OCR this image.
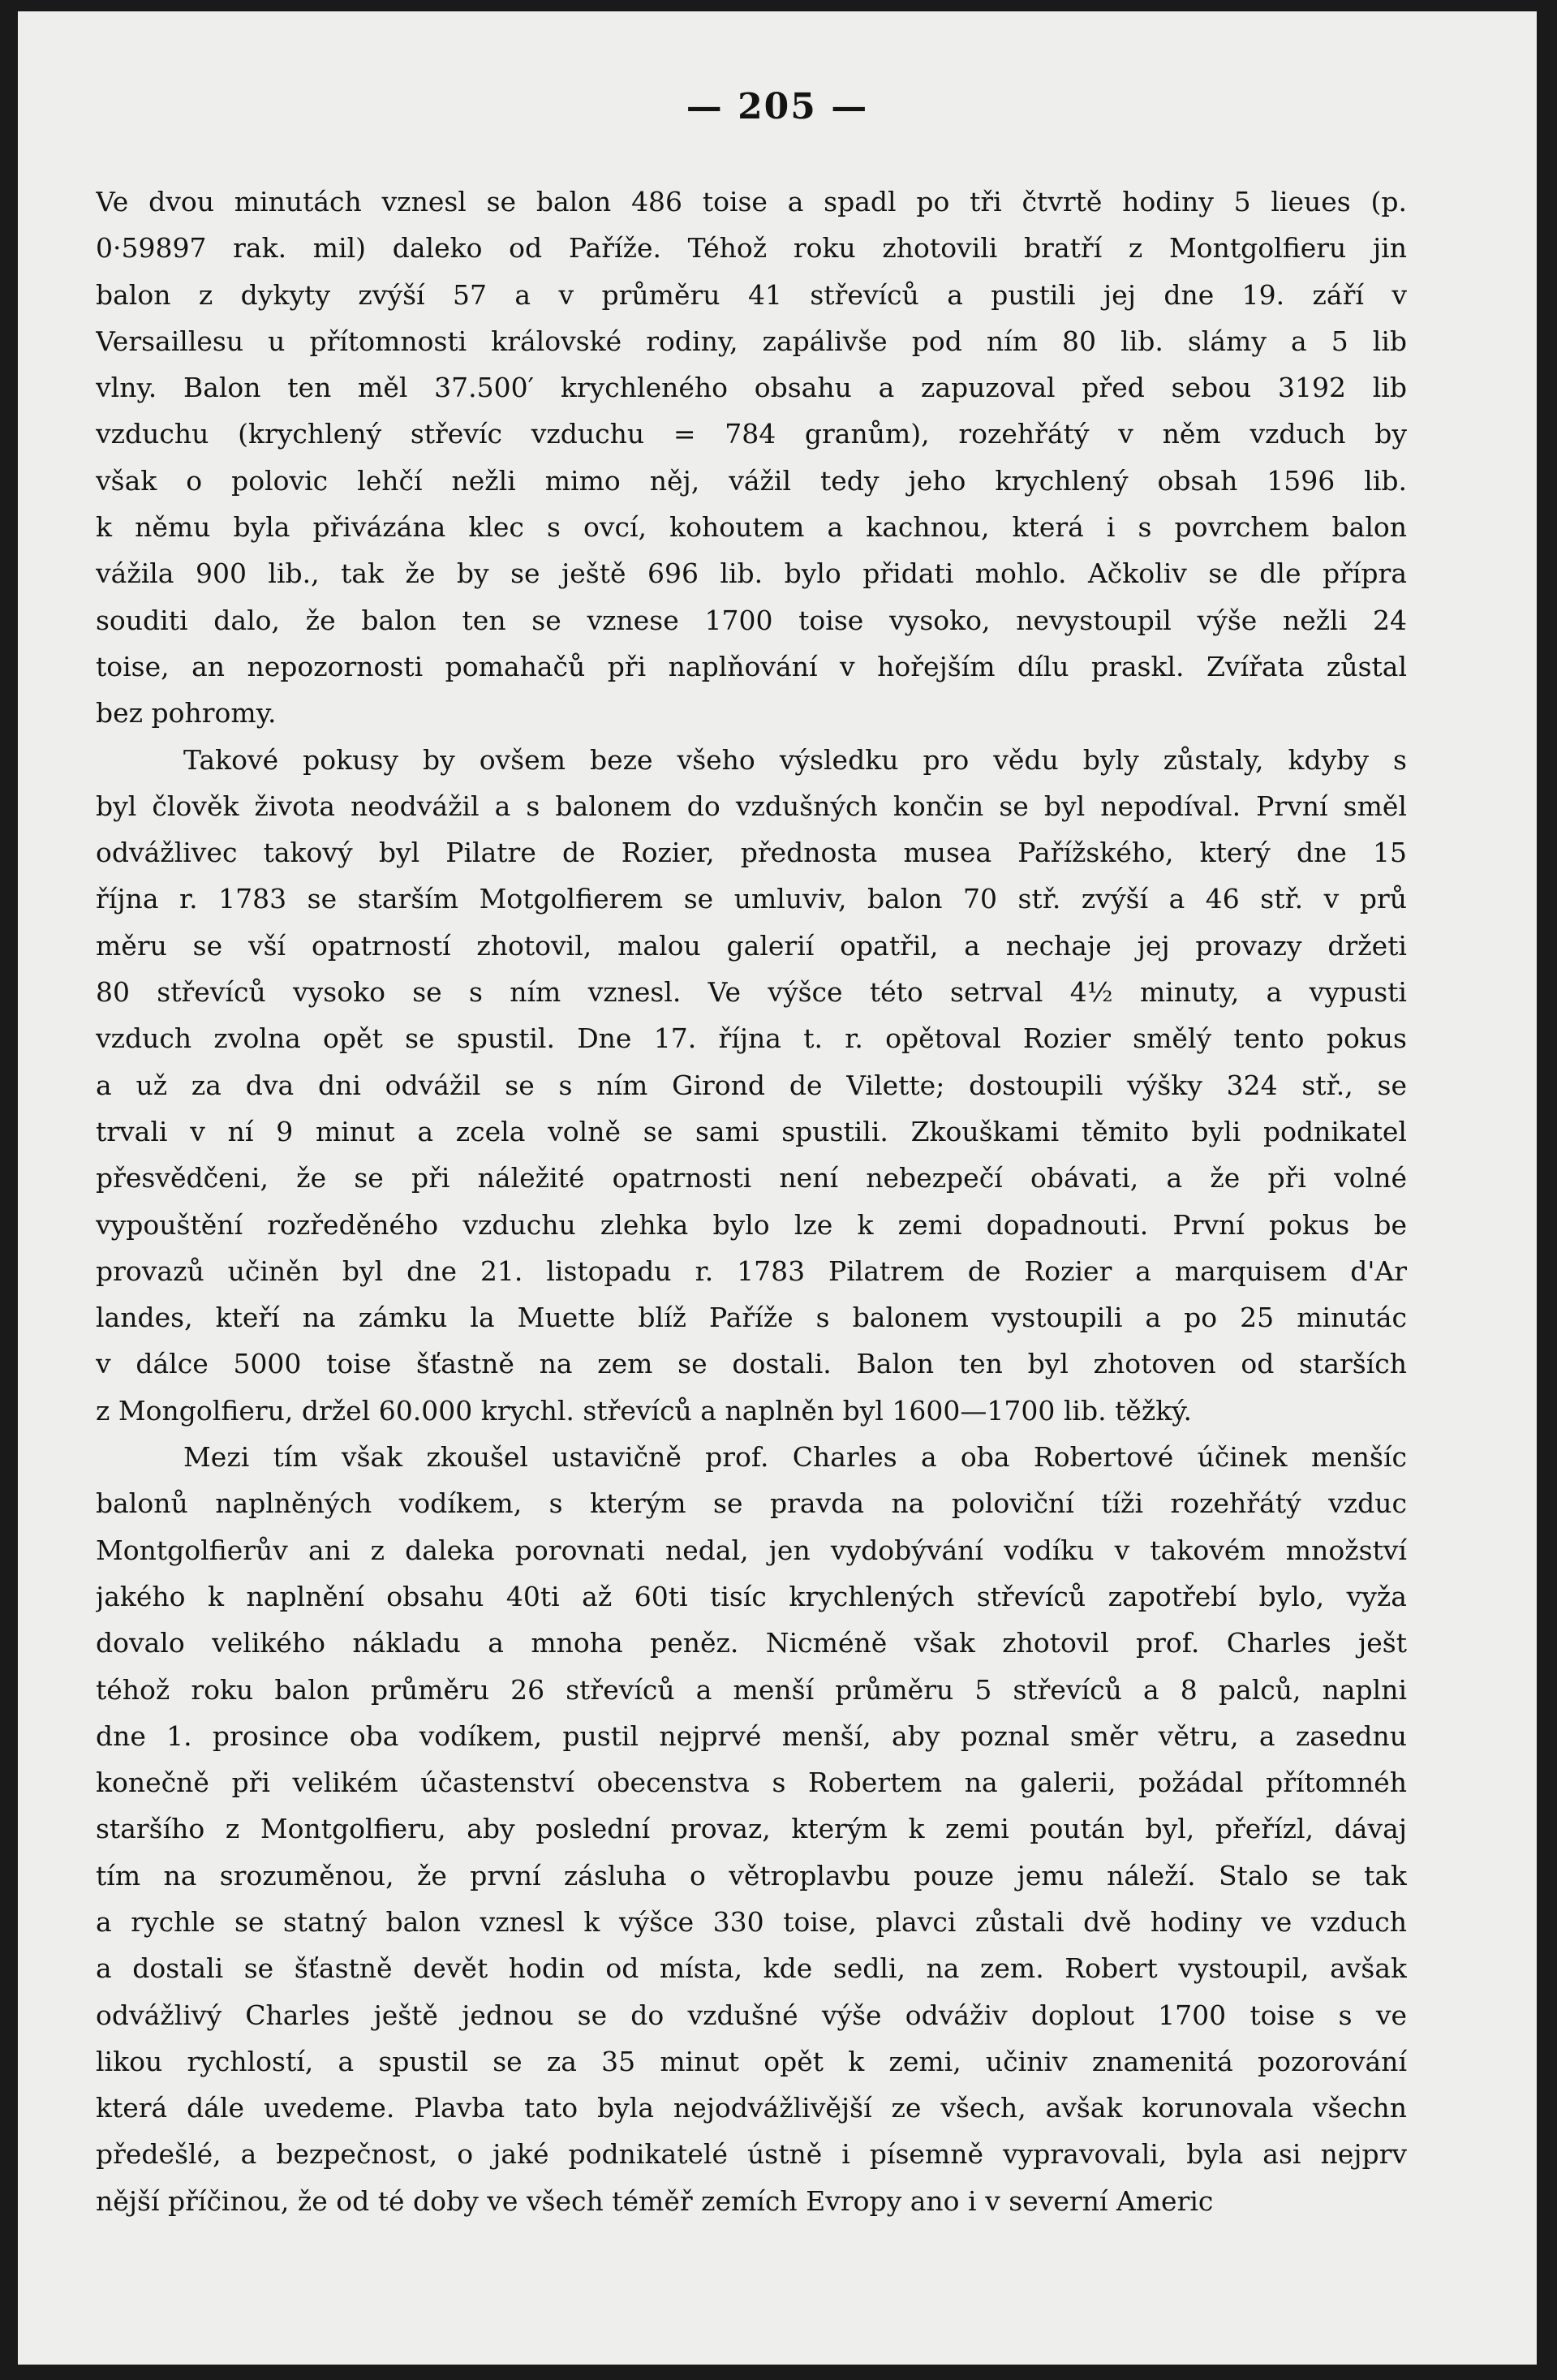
— 205 —
Ve dvou minutách vznesl se balon 486 toise a spadl po tři čtvrtě hodiny 5 lieues (p.
0·59897 rak. mil) daleko od Paříže. Téhož roku zhotovili bratří z Montgolfieru jin
balon z dykyty zvýší 57 a v průměru 41 střevíců a pustili jej dne 19. září v
Versaillesu u přítomnosti královské rodiny, zapálivše pod ním 80 lib. slámy a 5 lib
vlny. Balon ten měl 37.500′ krychleného obsahu a zapuzoval před sebou 3192 lib
vzduchu (krychlený střevíc vzduchu = 784 granům), rozehřátý v něm vzduch by
však o polovic lehčí nežli mimo něj, vážil tedy jeho krychlený obsah 1596 lib.
k němu byla přivázána klec s ovcí, kohoutem a kachnou, která i s povrchem balon
vážila 900 lib., tak že by se ještě 696 lib. bylo přidati mohlo. Ačkoliv se dle přípra
souditi dalo, že balon ten se vznese 1700 toise vysoko, nevystoupil výše nežli 24
toise, an nepozornosti pomahačů při naplňování v hořejším dílu praskl. Zvířata zůstal
bez pohromy.
Takové pokusy by ovšem beze všeho výsledku pro vědu byly zůstaly, kdyby s
byl člověk života neodvážil a s balonem do vzdušných končin se byl nepodíval. První směl
odvážlivec takový byl Pilatre de Rozier, přednosta musea Pařížského, který dne 15
října r. 1783 se starším Motgolfierem se umluviv, balon 70 stř. zvýší a 46 stř. v prů
měru se vší opatrností zhotovil, malou galerií opatřil, a nechaje jej provazy držeti
80 střevíců vysoko se s ním vznesl. Ve výšce této setrval 4½ minuty, a vypusti
vzduch zvolna opět se spustil. Dne 17. října t. r. opětoval Rozier smělý tento pokus
a už za dva dni odvážil se s ním Girond de Vilette; dostoupili výšky 324 stř., se
trvali v ní 9 minut a zcela volně se sami spustili. Zkouškami těmito byli podnikatel
přesvědčeni, že se při náležité opatrnosti není nebezpečí obávati, a že při volné
vypouštění rozředěného vzduchu zlehka bylo lze k zemi dopadnouti. První pokus be
provazů učiněn byl dne 21. listopadu r. 1783 Pilatrem de Rozier a marquisem d'Ar
landes, kteří na zámku la Muette blíž Paříže s balonem vystoupili a po 25 minutác
v dálce 5000 toise šťastně na zem se dostali. Balon ten byl zhotoven od starších
z Mongolfieru, držel 60.000 krychl. střevíců a naplněn byl 1600—1700 lib. těžký.
Mezi tím však zkoušel ustavičně prof. Charles a oba Robertové účinek menšíc
balonů naplněných vodíkem, s kterým se pravda na poloviční tíži rozehřátý vzduc
Montgolfierův ani z daleka porovnati nedal, jen vydobývání vodíku v takovém množství
jakého k naplnění obsahu 40ti až 60ti tisíc krychlených střevíců zapotřebí bylo, vyža
dovalo velikého nákladu a mnoha peněz. Nicméně však zhotovil prof. Charles ješt
téhož roku balon průměru 26 střevíců a menší průměru 5 střevíců a 8 palců, naplni
dne 1. prosince oba vodíkem, pustil nejprvé menší, aby poznal směr větru, a zasednu
konečně při velikém účastenství obecenstva s Robertem na galerii, požádal přítomnéh
staršího z Montgolfieru, aby poslední provaz, kterým k zemi poután byl, přeřízl, dávaj
tím na srozuměnou, že první zásluha o větroplavbu pouze jemu náleží. Stalo se tak
a rychle se statný balon vznesl k výšce 330 toise, plavci zůstali dvě hodiny ve vzduch
a dostali se šťastně devět hodin od místa, kde sedli, na zem. Robert vystoupil, avšak
odvážlivý Charles ještě jednou se do vzdušné výše odváživ doplout 1700 toise s ve
likou rychlostí, a spustil se za 35 minut opět k zemi, učiniv znamenitá pozorování
která dále uvedeme. Plavba tato byla nejodvážlivější ze všech, avšak korunovala všechn
předešlé, a bezpečnost, o jaké podnikatelé ústně i písemně vypravovali, byla asi nejprv
nější příčinou, že od té doby ve všech téměř zemích Evropy ano i v severní Americ
